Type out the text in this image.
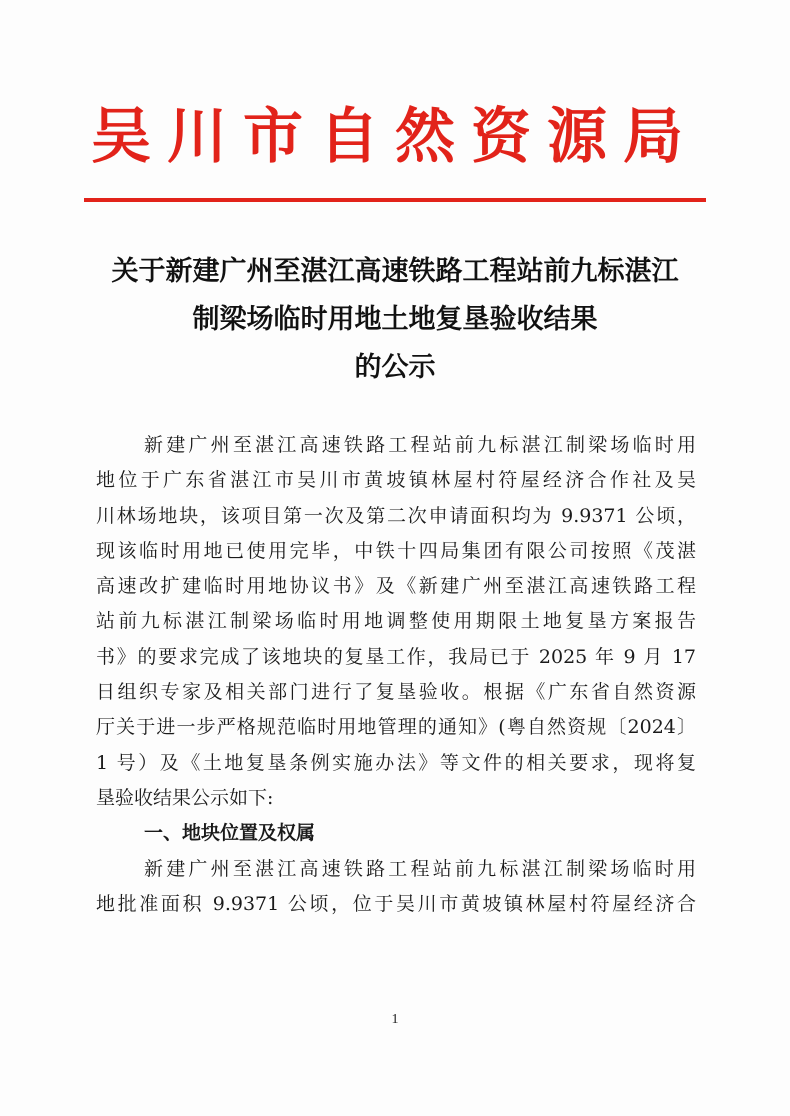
吴川市自然资源局
关于新建广州至湛江高速铁路工程站前九标湛江
制梁场临时用地土地复垦验收结果
的公示
新建广州至湛江高速铁路工程站前九标湛江制梁场临时用
地位于广东省湛江市吴川市黄坡镇林屋村符屋经济合作社及吴
川林场地块，该项目第一次及第二次申请面积均为 9.9371 公顷，
现该临时用地已使用完毕，中铁十四局集团有限公司按照《茂湛
高速改扩建临时用地协议书》及《新建广州至湛江高速铁路工程
站前九标湛江制梁场临时用地调整使用期限土地复垦方案报告
书》的要求完成了该地块的复垦工作，我局已于 2025 年 9 月 17
日组织专家及相关部门进行了复垦验收。根据《广东省自然资源
厅关于进一步严格规范临时用地管理的通知》(粤自然资规〔2024〕
1 号）及《土地复垦条例实施办法》等文件的相关要求，现将复
垦验收结果公示如下:
一、地块位置及权属
新建广州至湛江高速铁路工程站前九标湛江制梁场临时用
地批准面积 9.9371 公顷，位于吴川市黄坡镇林屋村符屋经济合
1
